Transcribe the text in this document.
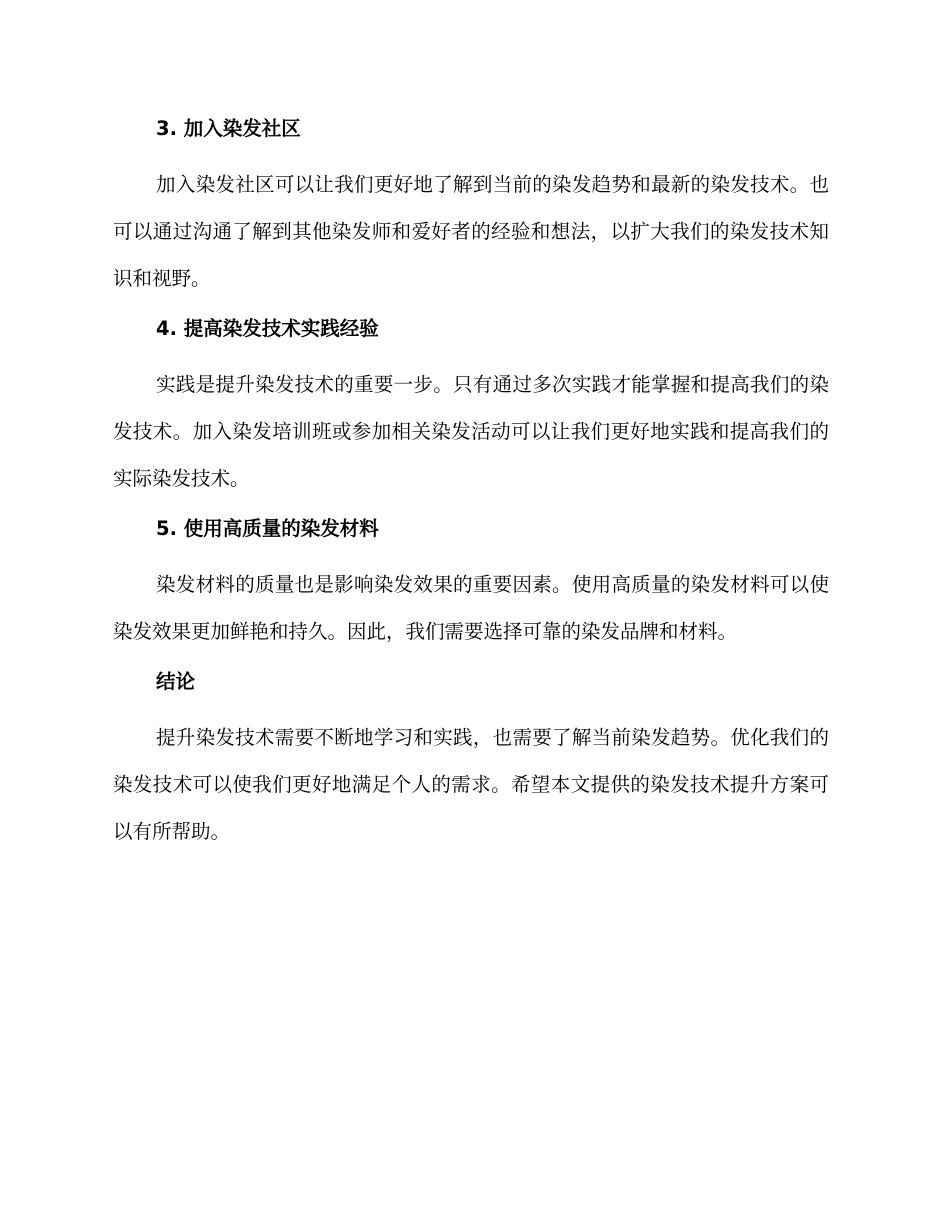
3. 加入染发社区

加入染发社区可以让我们更好地了解到当前的染发趋势和最新的染发技术。也可以通过沟通了解到其他染发师和爱好者的经验和想法，以扩大我们的染发技术知识和视野。

4. 提高染发技术实践经验

实践是提升染发技术的重要一步。只有通过多次实践才能掌握和提高我们的染发技术。加入染发培训班或参加相关染发活动可以让我们更好地实践和提高我们的实际染发技术。

5. 使用高质量的染发材料

染发材料的质量也是影响染发效果的重要因素。使用高质量的染发材料可以使染发效果更加鲜艳和持久。因此，我们需要选择可靠的染发品牌和材料。

结论

提升染发技术需要不断地学习和实践，也需要了解当前染发趋势。优化我们的染发技术可以使我们更好地满足个人的需求。希望本文提供的染发技术提升方案可以有所帮助。
